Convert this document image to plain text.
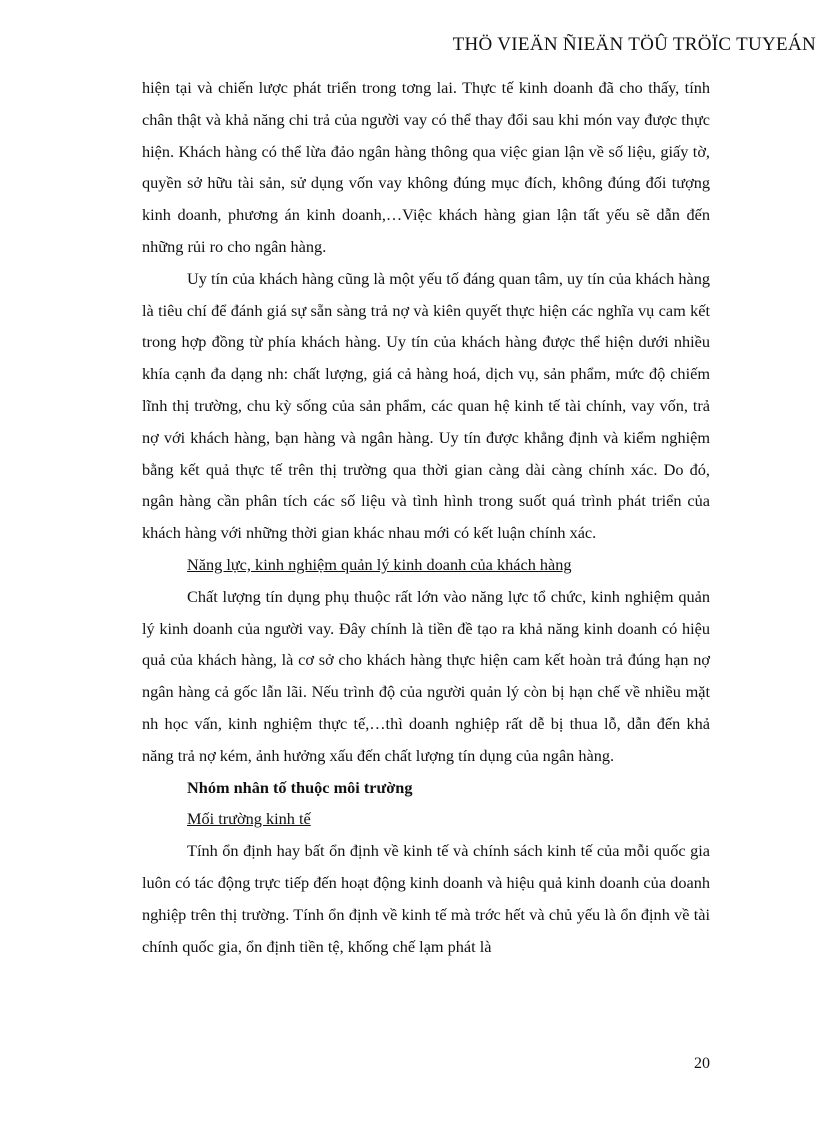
THÖ VIEÄN ÑIEÄN TÖÛ TRÖÏC TUYEÁN

hiện tại và chiến lược phát triển trong tơng lai. Thực tế kinh doanh đã cho thấy, tính chân thật và khả năng chi trả của người vay có thể thay đổi sau khi món vay được thực hiện. Khách hàng có thể lừa đảo ngân hàng thông qua việc gian lận về số liệu, giấy tờ, quyền sở hữu tài sản, sử dụng vốn vay không đúng mục đích, không đúng đối tượng kinh doanh, phương án kinh doanh,…Việc khách hàng gian lận tất yếu sẽ dẫn đến những rủi ro cho ngân hàng.

Uy tín của khách hàng cũng là một yếu tố đáng quan tâm, uy tín của khách hàng là tiêu chí để đánh giá sự sẵn sàng trả nợ và kiên quyết thực hiện các nghĩa vụ cam kết trong hợp đồng từ phía khách hàng. Uy tín của khách hàng được thể hiện dưới nhiều khía cạnh đa dạng nh: chất lượng, giá cả hàng hoá, dịch vụ, sản phẩm, mức độ chiếm lĩnh thị trường, chu kỳ sống của sản phẩm, các quan hệ kinh tế tài chính, vay vốn, trả nợ với khách hàng, bạn hàng và ngân hàng. Uy tín được khẳng định và kiểm nghiệm bằng kết quả thực tế trên thị trường qua thời gian càng dài càng chính xác. Do đó, ngân hàng cần phân tích các số liệu và tình hình trong suốt quá trình phát triển của khách hàng với những thời gian khác nhau mới có kết luận chính xác.

Năng lực, kinh nghiệm quản lý kinh doanh của khách hàng

Chất lượng tín dụng phụ thuộc rất lớn vào năng lực tổ chức, kinh nghiệm quản lý kinh doanh của người vay. Đây chính là tiền đề tạo ra khả năng kinh doanh có hiệu quả của khách hàng, là cơ sở cho khách hàng thực hiện cam kết hoàn trả đúng hạn nợ ngân hàng cả gốc lẫn lãi. Nếu trình độ của người quản lý còn bị hạn chế về nhiều mặt nh học vấn, kinh nghiệm thực tế,…thì doanh nghiệp rất dễ bị thua lỗ, dẫn đến khả năng trả nợ kém, ảnh hưởng xấu đến chất lượng tín dụng của ngân hàng.

Nhóm nhân tố thuộc môi trường

Mối trường kinh tế

Tính ổn định hay bất ổn định về kinh tế và chính sách kinh tế của mỗi quốc gia luôn có tác động trực tiếp đến hoạt động kinh doanh và hiệu quả kinh doanh của doanh nghiệp trên thị trường. Tính ổn định về kinh tế mà trớc hết và chủ yếu là ổn định về tài chính quốc gia, ổn định tiền tệ, khống chế lạm phát là

20
